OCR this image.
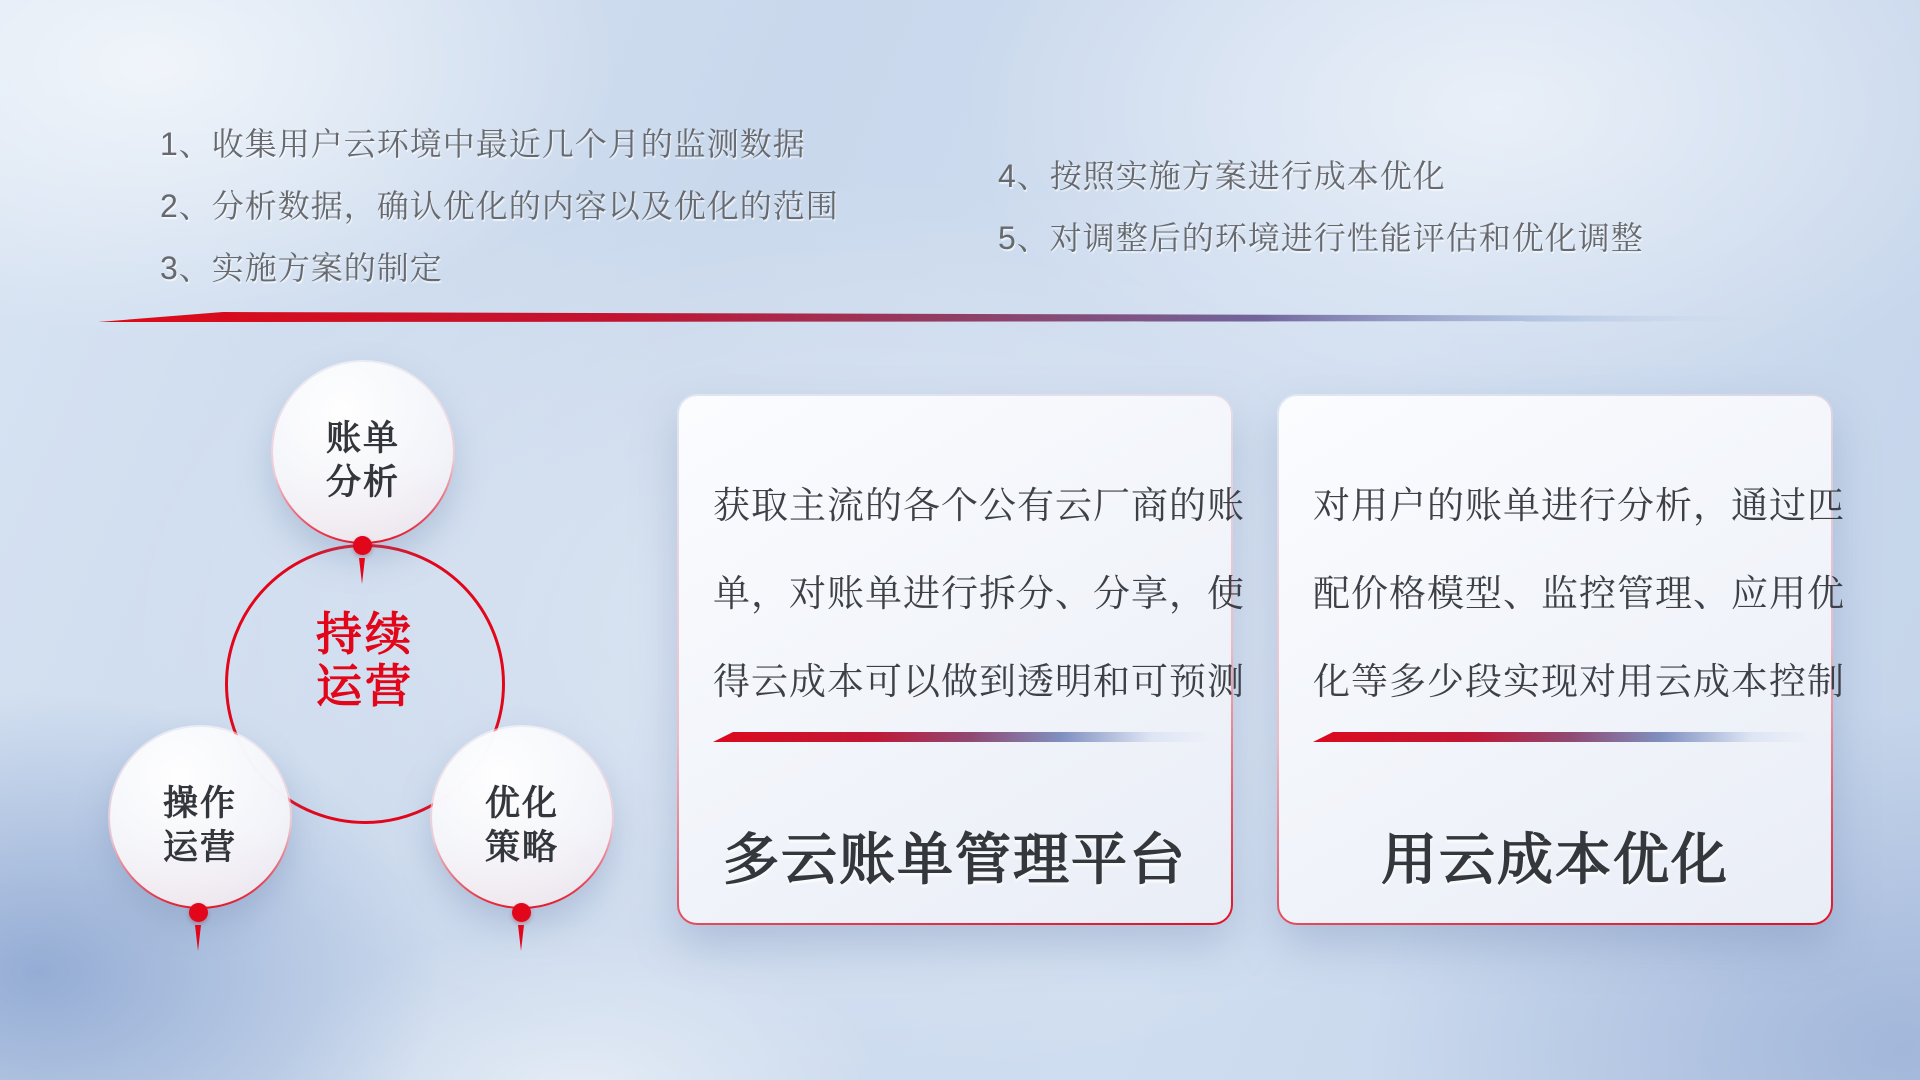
1、收集用户云环境中最近几个月的监测数据
2、分析数据，确认优化的内容以及优化的范围
3、实施方案的制定
4、按照实施方案进行成本优化
5、对调整后的环境进行性能评估和优化调整
持续
运营
账单
分析
操作
运营
优化
策略
获取主流的各个公有云厂商的账
单，对账单进行拆分、分享，使
得云成本可以做到透明和可预测
多云账单管理平台
对用户的账单进行分析，通过匹
配价格模型、监控管理、应用优
化等多少段实现对用云成本控制
用云成本优化
